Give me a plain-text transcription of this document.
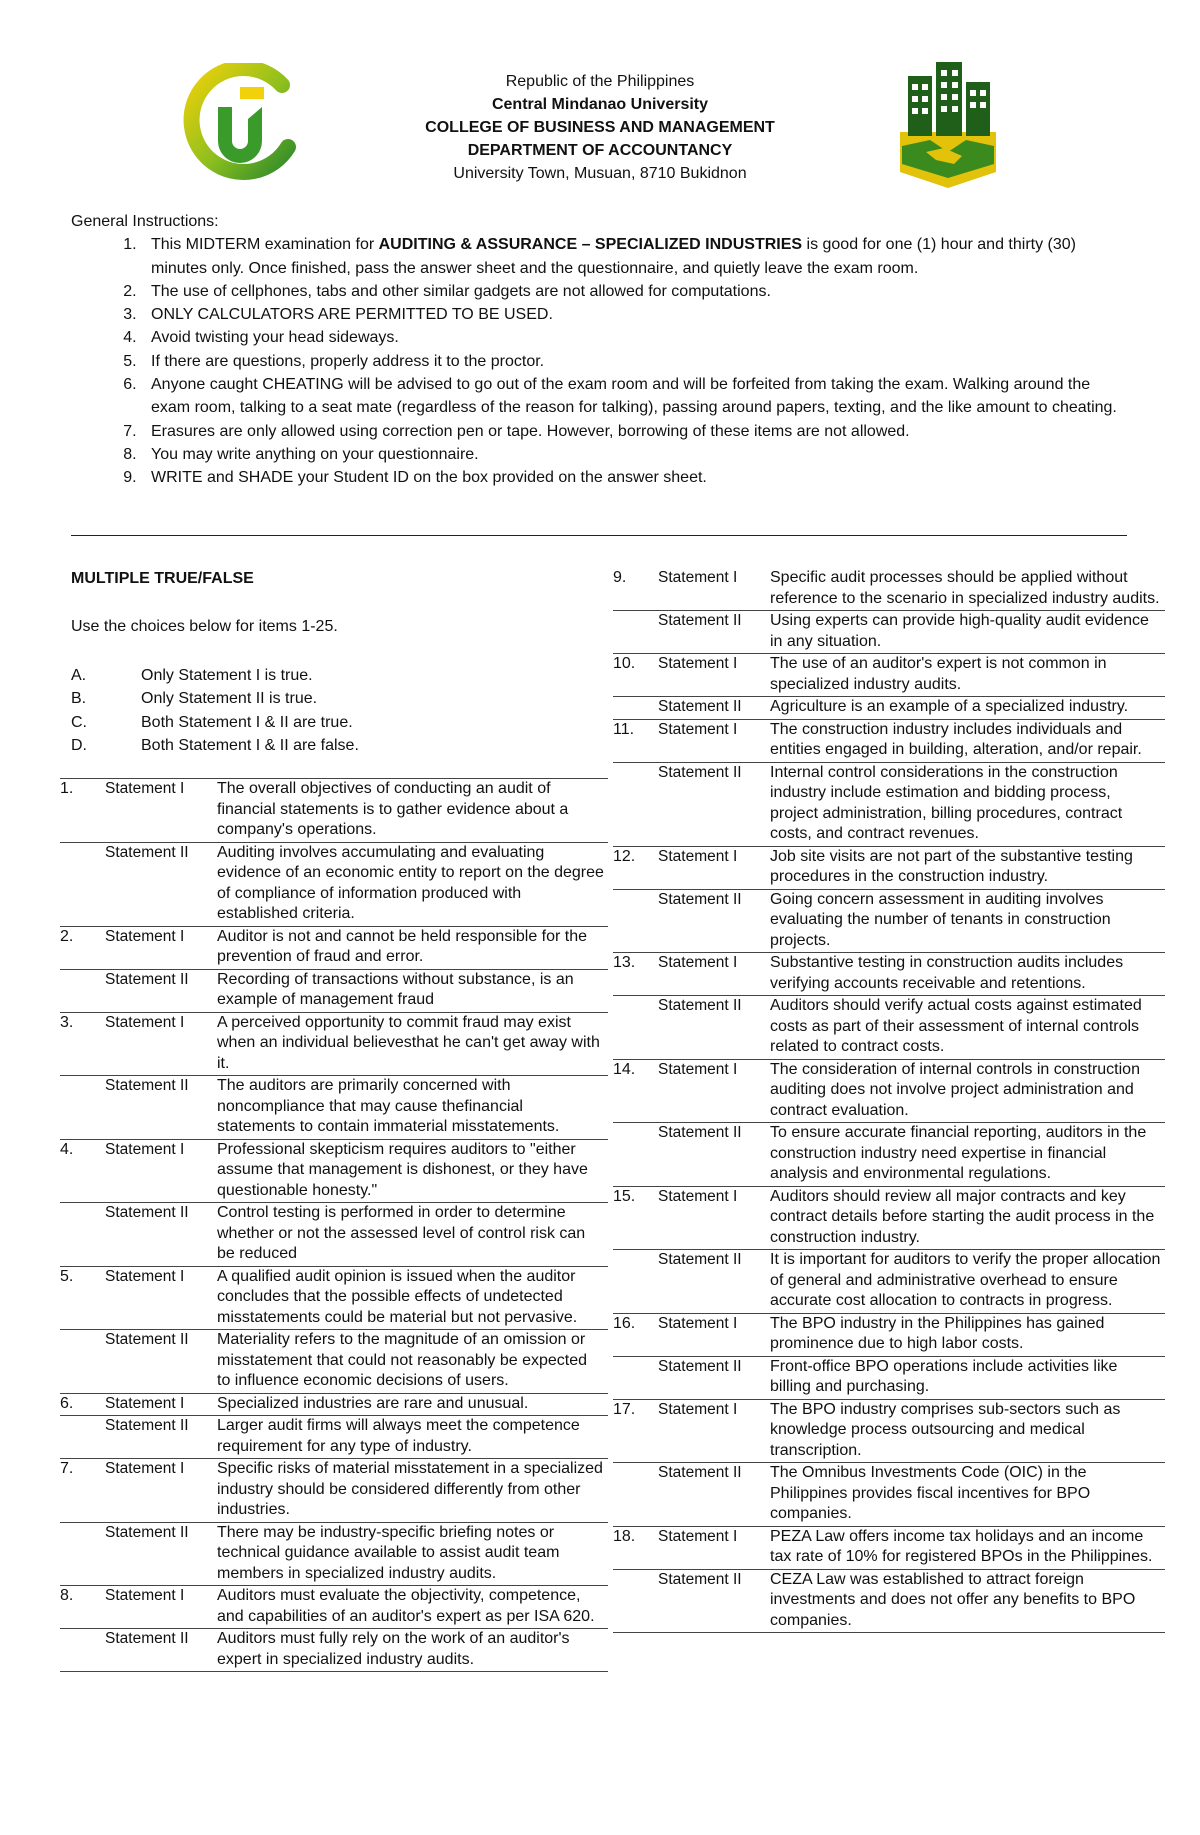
Republic of the Philippines
Central Mindanao University
COLLEGE OF BUSINESS AND MANAGEMENT
DEPARTMENT OF ACCOUNTANCY
University Town, Musuan, 8710 Bukidnon
General Instructions:
1. This MIDTERM examination for AUDITING & ASSURANCE – SPECIALIZED INDUSTRIES is good for one (1) hour and thirty (30) minutes only. Once finished, pass the answer sheet and the questionnaire, and quietly leave the exam room.
2. The use of cellphones, tabs and other similar gadgets are not allowed for computations.
3. ONLY CALCULATORS ARE PERMITTED TO BE USED.
4. Avoid twisting your head sideways.
5. If there are questions, properly address it to the proctor.
6. Anyone caught CHEATING will be advised to go out of the exam room and will be forfeited from taking the exam. Walking around the exam room, talking to a seat mate (regardless of the reason for talking), passing around papers, texting, and the like amount to cheating.
7. Erasures are only allowed using correction pen or tape. However, borrowing of these items are not allowed.
8. You may write anything on your questionnaire.
9. WRITE and SHADE your Student ID on the box provided on the answer sheet.
MULTIPLE TRUE/FALSE
Use the choices below for items 1-25.
A.	Only Statement I is true.
B.	Only Statement II is true.
C.	Both Statement I & II are true.
D.	Both Statement I & II are false.
1.	Statement I	The overall objectives of conducting an audit of financial statements is to gather evidence about a company's operations.

	Statement II	Auditing involves accumulating and evaluating evidence of an economic entity to report on the degree of compliance of information produced with established criteria.

2.	Statement I	Auditor is not and cannot be held responsible for the prevention of fraud and error.

	Statement II	Recording of transactions without substance, is an example of management fraud

3.	Statement I	A perceived opportunity to commit fraud may exist when an individual believesthat he can't get away with it.

	Statement II	The auditors are primarily concerned with noncompliance that may cause thefinancial statements to contain immaterial misstatements.

4.	Statement I	Professional skepticism requires auditors to "either assume that management is dishonest, or they have questionable honesty."

	Statement II	Control testing is performed in order to determine whether or not the assessed level of control risk can be reduced

5.	Statement I	A qualified audit opinion is issued when the auditor concludes that the possible effects of undetected misstatements could be material but not pervasive.

	Statement II	Materiality refers to the magnitude of an omission or misstatement that could not reasonably be expected to influence economic decisions of users.

6.	Statement I	Specialized industries are rare and unusual.

	Statement II	Larger audit firms will always meet the competence requirement for any type of industry.

7.	Statement I	Specific risks of material misstatement in a specialized industry should be considered differently from other industries.

	Statement II	There may be industry-specific briefing notes or technical guidance available to assist audit team members in specialized industry audits.

8.	Statement I	Auditors must evaluate the objectivity, competence, and capabilities of an auditor's expert as per ISA 620.

	Statement II	Auditors must fully rely on the work of an auditor's expert in specialized industry audits.
9.	Statement I	Specific audit processes should be applied without reference to the scenario in specialized industry audits.

	Statement II	Using experts can provide high-quality audit evidence in any situation.

10.	Statement I	The use of an auditor's expert is not common in specialized industry audits.

	Statement II	Agriculture is an example of a specialized industry.

11.	Statement I	The construction industry includes individuals and entities engaged in building, alteration, and/or repair.

	Statement II	Internal control considerations in the construction industry include estimation and bidding process, project administration, billing procedures, contract costs, and contract revenues.

12.	Statement I	Job site visits are not part of the substantive testing procedures in the construction industry.

	Statement II	Going concern assessment in auditing involves evaluating the number of tenants in construction projects.

13.	Statement I	Substantive testing in construction audits includes verifying accounts receivable and retentions.

	Statement II	Auditors should verify actual costs against estimated costs as part of their assessment of internal controls related to contract costs.

14.	Statement I	The consideration of internal controls in construction auditing does not involve project administration and contract evaluation.

	Statement II	To ensure accurate financial reporting, auditors in the construction industry need expertise in financial analysis and environmental regulations.

15.	Statement I	Auditors should review all major contracts and key contract details before starting the audit process in the construction industry.

	Statement II	It is important for auditors to verify the proper allocation of general and administrative overhead to ensure accurate cost allocation to contracts in progress.

16.	Statement I	The BPO industry in the Philippines has gained prominence due to high labor costs.

	Statement II	Front-office BPO operations include activities like billing and purchasing.

17.	Statement I	The BPO industry comprises sub-sectors such as knowledge process outsourcing and medical transcription.

	Statement II	The Omnibus Investments Code (OIC) in the Philippines provides fiscal incentives for BPO companies.

18.	Statement I	PEZA Law offers income tax holidays and an income tax rate of 10% for registered BPOs in the Philippines.

	Statement II	CEZA Law was established to attract foreign investments and does not offer any benefits to BPO companies.
